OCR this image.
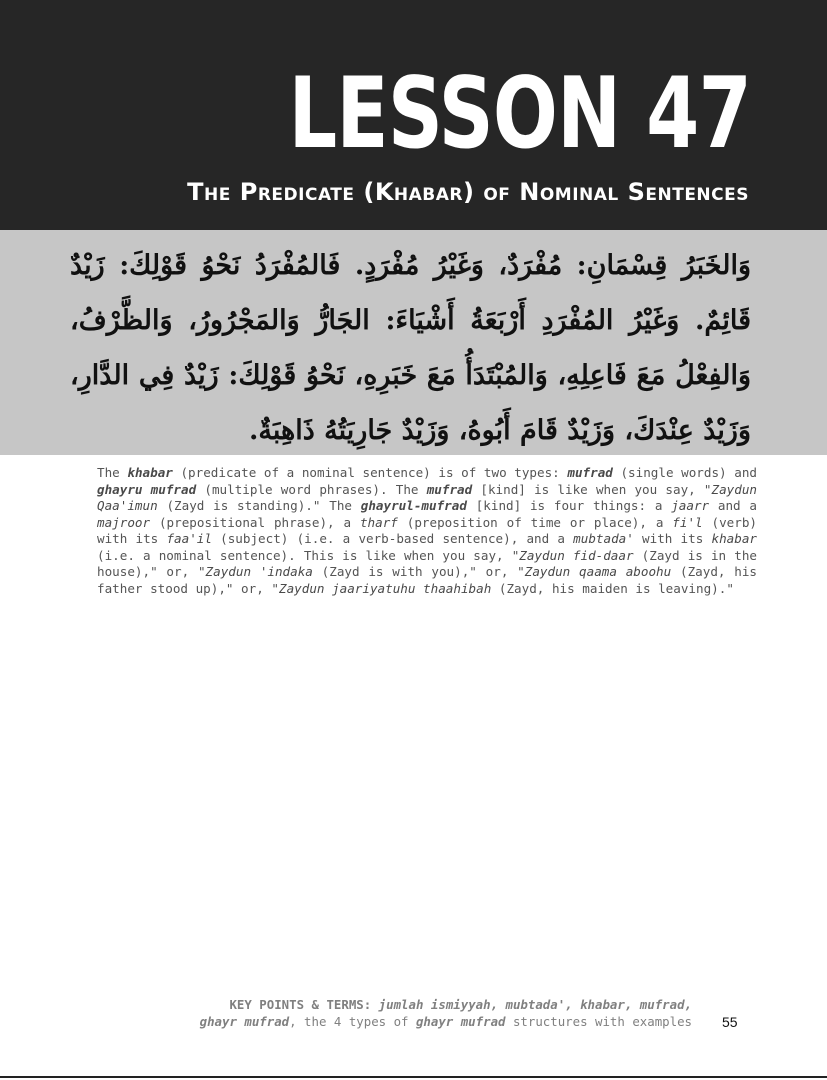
LESSON 47
The Predicate (Khabar) of Nominal Sentences
وَالخَبَرُ قِسْمَانِ: مُفْرَدٌ، وَغَيْرُ مُفْرَدٍ. فَالمُفْرَدُ نَحْوُ قَوْلِكَ: زَيْدٌ قَائِمٌ. وَغَيْرُ المُفْرَدِ أَرْبَعَةُ أَشْيَاءَ: الجَارُّ وَالمَجْرُورُ، وَالظَّرْفُ، وَالفِعْلُ مَعَ فَاعِلِهِ، وَالمُبْتَدَأُ مَعَ خَبَرِهِ، نَحْوُ قَوْلِكَ: زَيْدٌ فِي الدَّارِ، وَزَيْدٌ عِنْدَكَ، وَزَيْدٌ قَامَ أَبُوهُ، وَزَيْدٌ جَارِيَتُهُ ذَاهِبَةٌ.
The khabar (predicate of a nominal sentence) is of two types: mufrad (single words) and ghayru mufrad (multiple word phrases). The mufrad [kind] is like when you say, "Zaydun Qaa'imun (Zayd is standing)." The ghayrul-mufrad [kind] is four things: a jaarr and a majroor (prepositional phrase), a tharf (preposition of time or place), a fi'l (verb) with its faa'il (subject) (i.e. a verb-based sentence), and a mubtada' with its khabar (i.e. a nominal sentence). This is like when you say, "Zaydun fid-daar (Zayd is in the house)," or, "Zaydun 'indaka (Zayd is with you)," or, "Zaydun qaama aboohu (Zayd, his father stood up)," or, "Zaydun jaariyatuhu thaahibah (Zayd, his maiden is leaving)."
KEY POINTS & TERMS: jumlah ismiyyah, mubtada', khabar, mufrad,
ghayr mufrad, the 4 types of ghayr mufrad structures with examples 55
